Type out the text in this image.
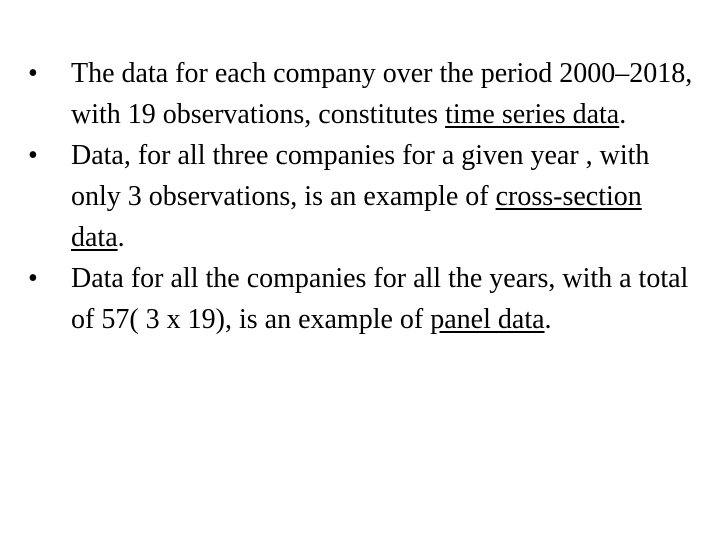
• The data for each company over the period 2000–2018, with 19 observations, constitutes time series data.
• Data, for all three companies for a given year , with only 3 observations, is an example of cross-section data.
• Data for all the companies for all the years, with a total of 57( 3 x 19), is an example of panel data.
